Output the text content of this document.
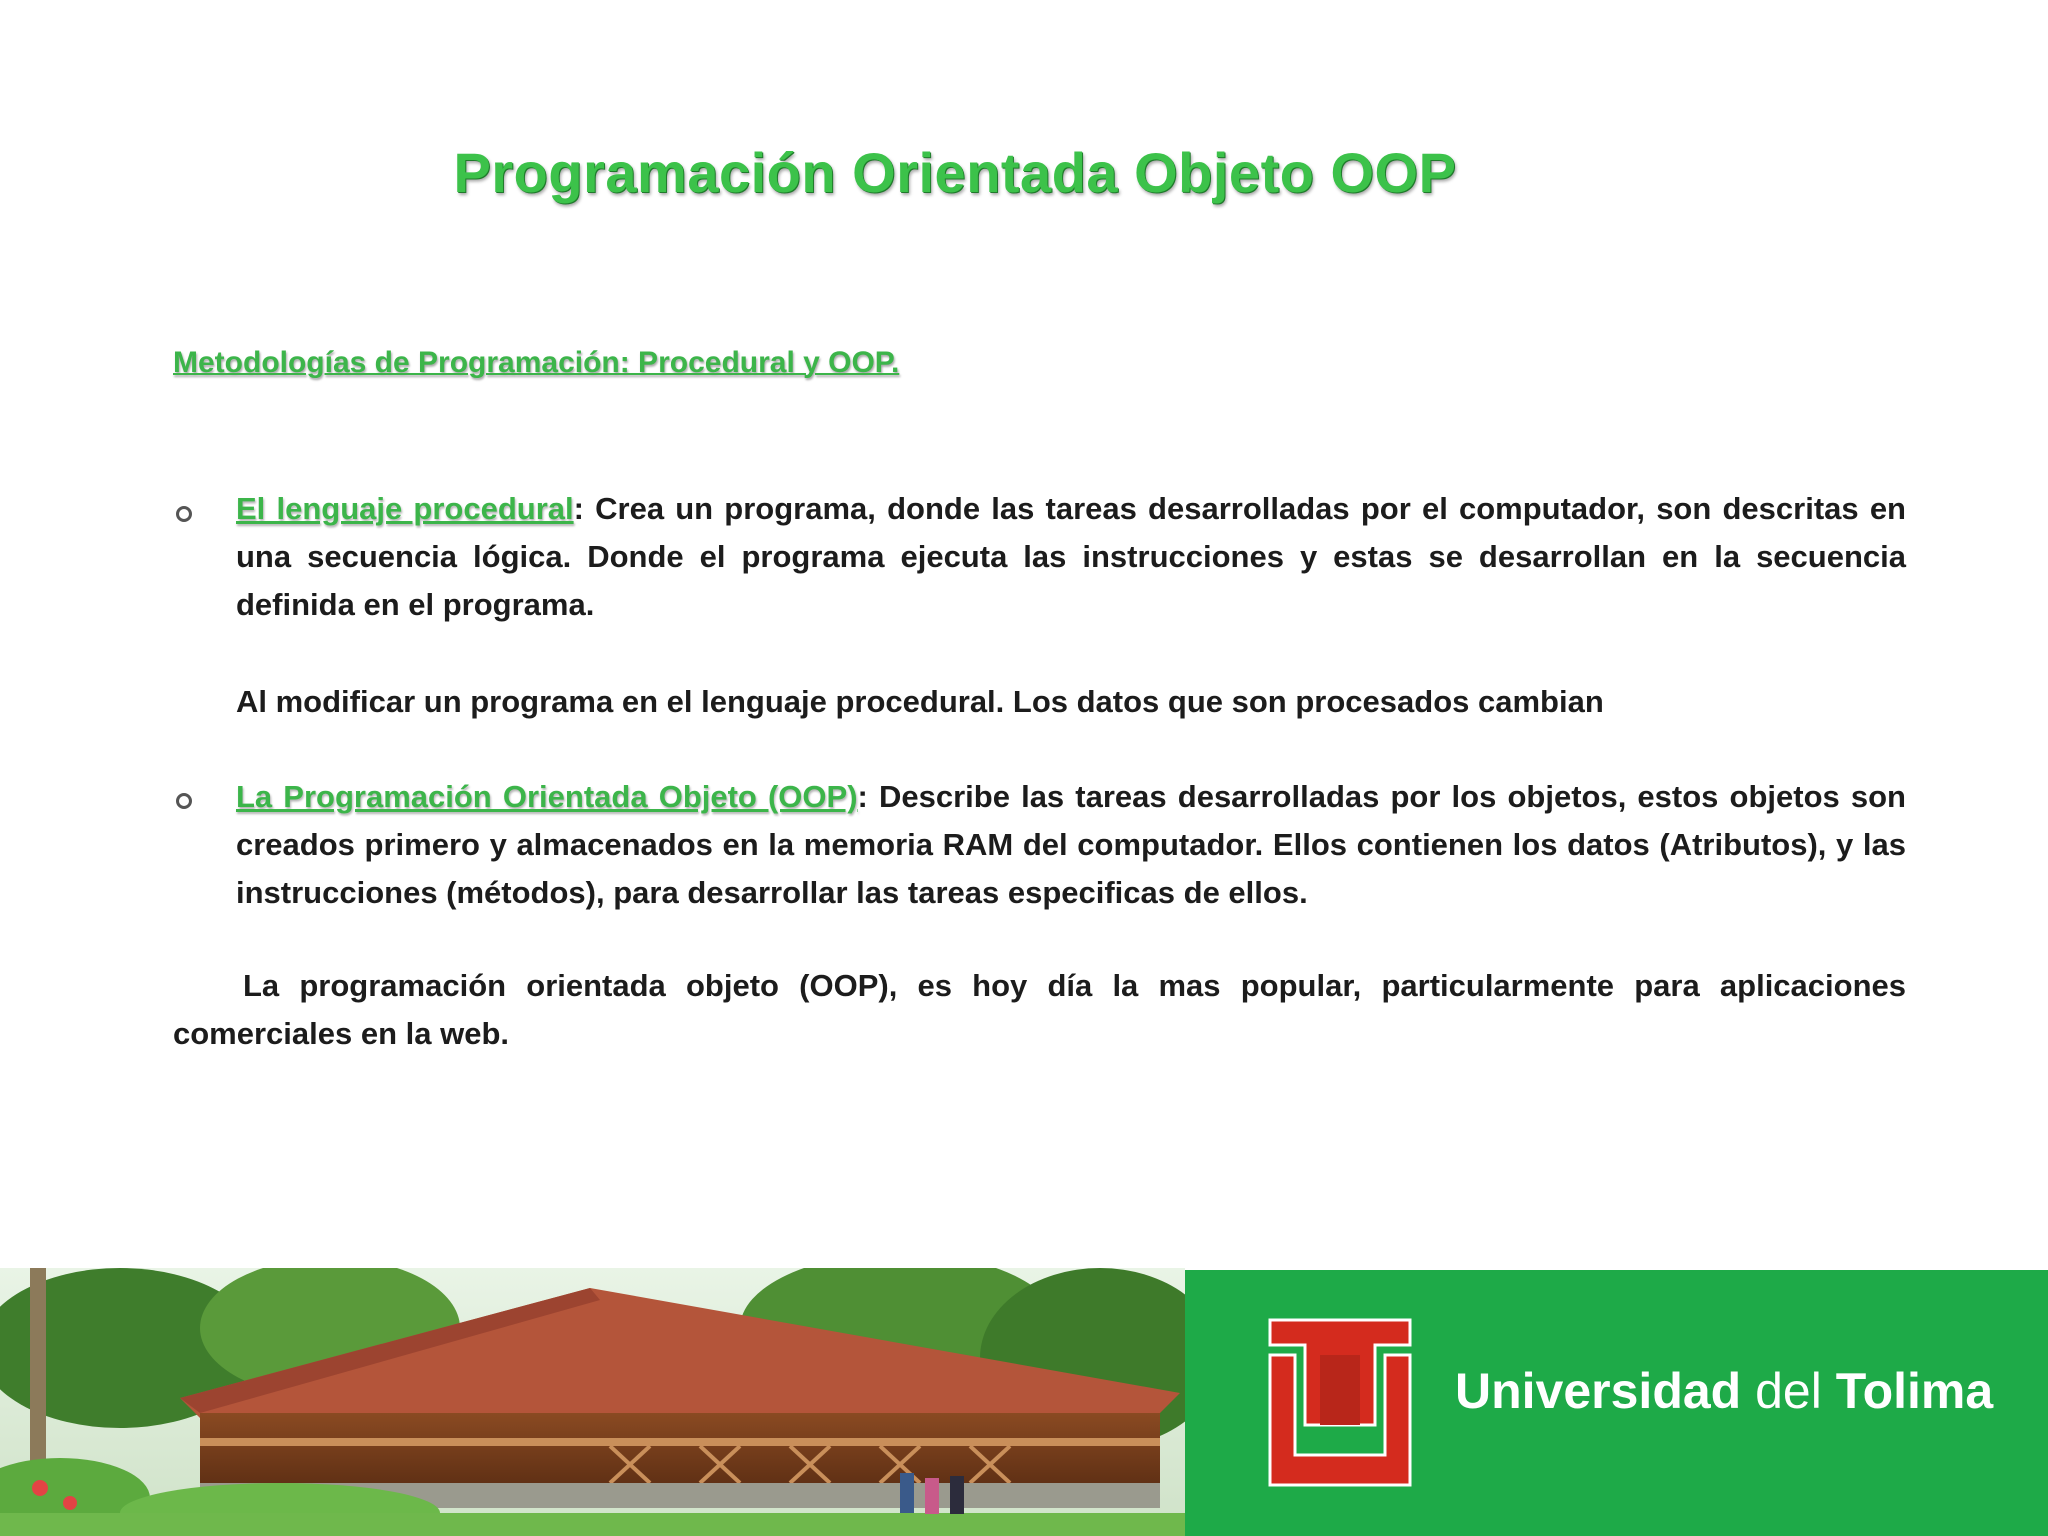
Programación Orientada Objeto OOP
Metodologías de Programación: Procedural y OOP.
El lenguaje procedural: Crea un programa, donde las tareas desarrolladas por el computador, son descritas en una secuencia lógica. Donde el programa ejecuta las instrucciones y estas se desarrollan en la secuencia definida en el programa.
Al modificar un programa en el lenguaje procedural. Los datos que son procesados cambian
La Programación Orientada Objeto (OOP): Describe las tareas desarrolladas por los objetos, estos objetos son creados primero y almacenados en la memoria RAM del computador. Ellos contienen los datos (Atributos), y las instrucciones (métodos), para desarrollar las tareas especificas de ellos.
La programación orientada objeto (OOP), es hoy día la mas popular, particularmente para aplicaciones comerciales en la web.
Universidad del Tolima
